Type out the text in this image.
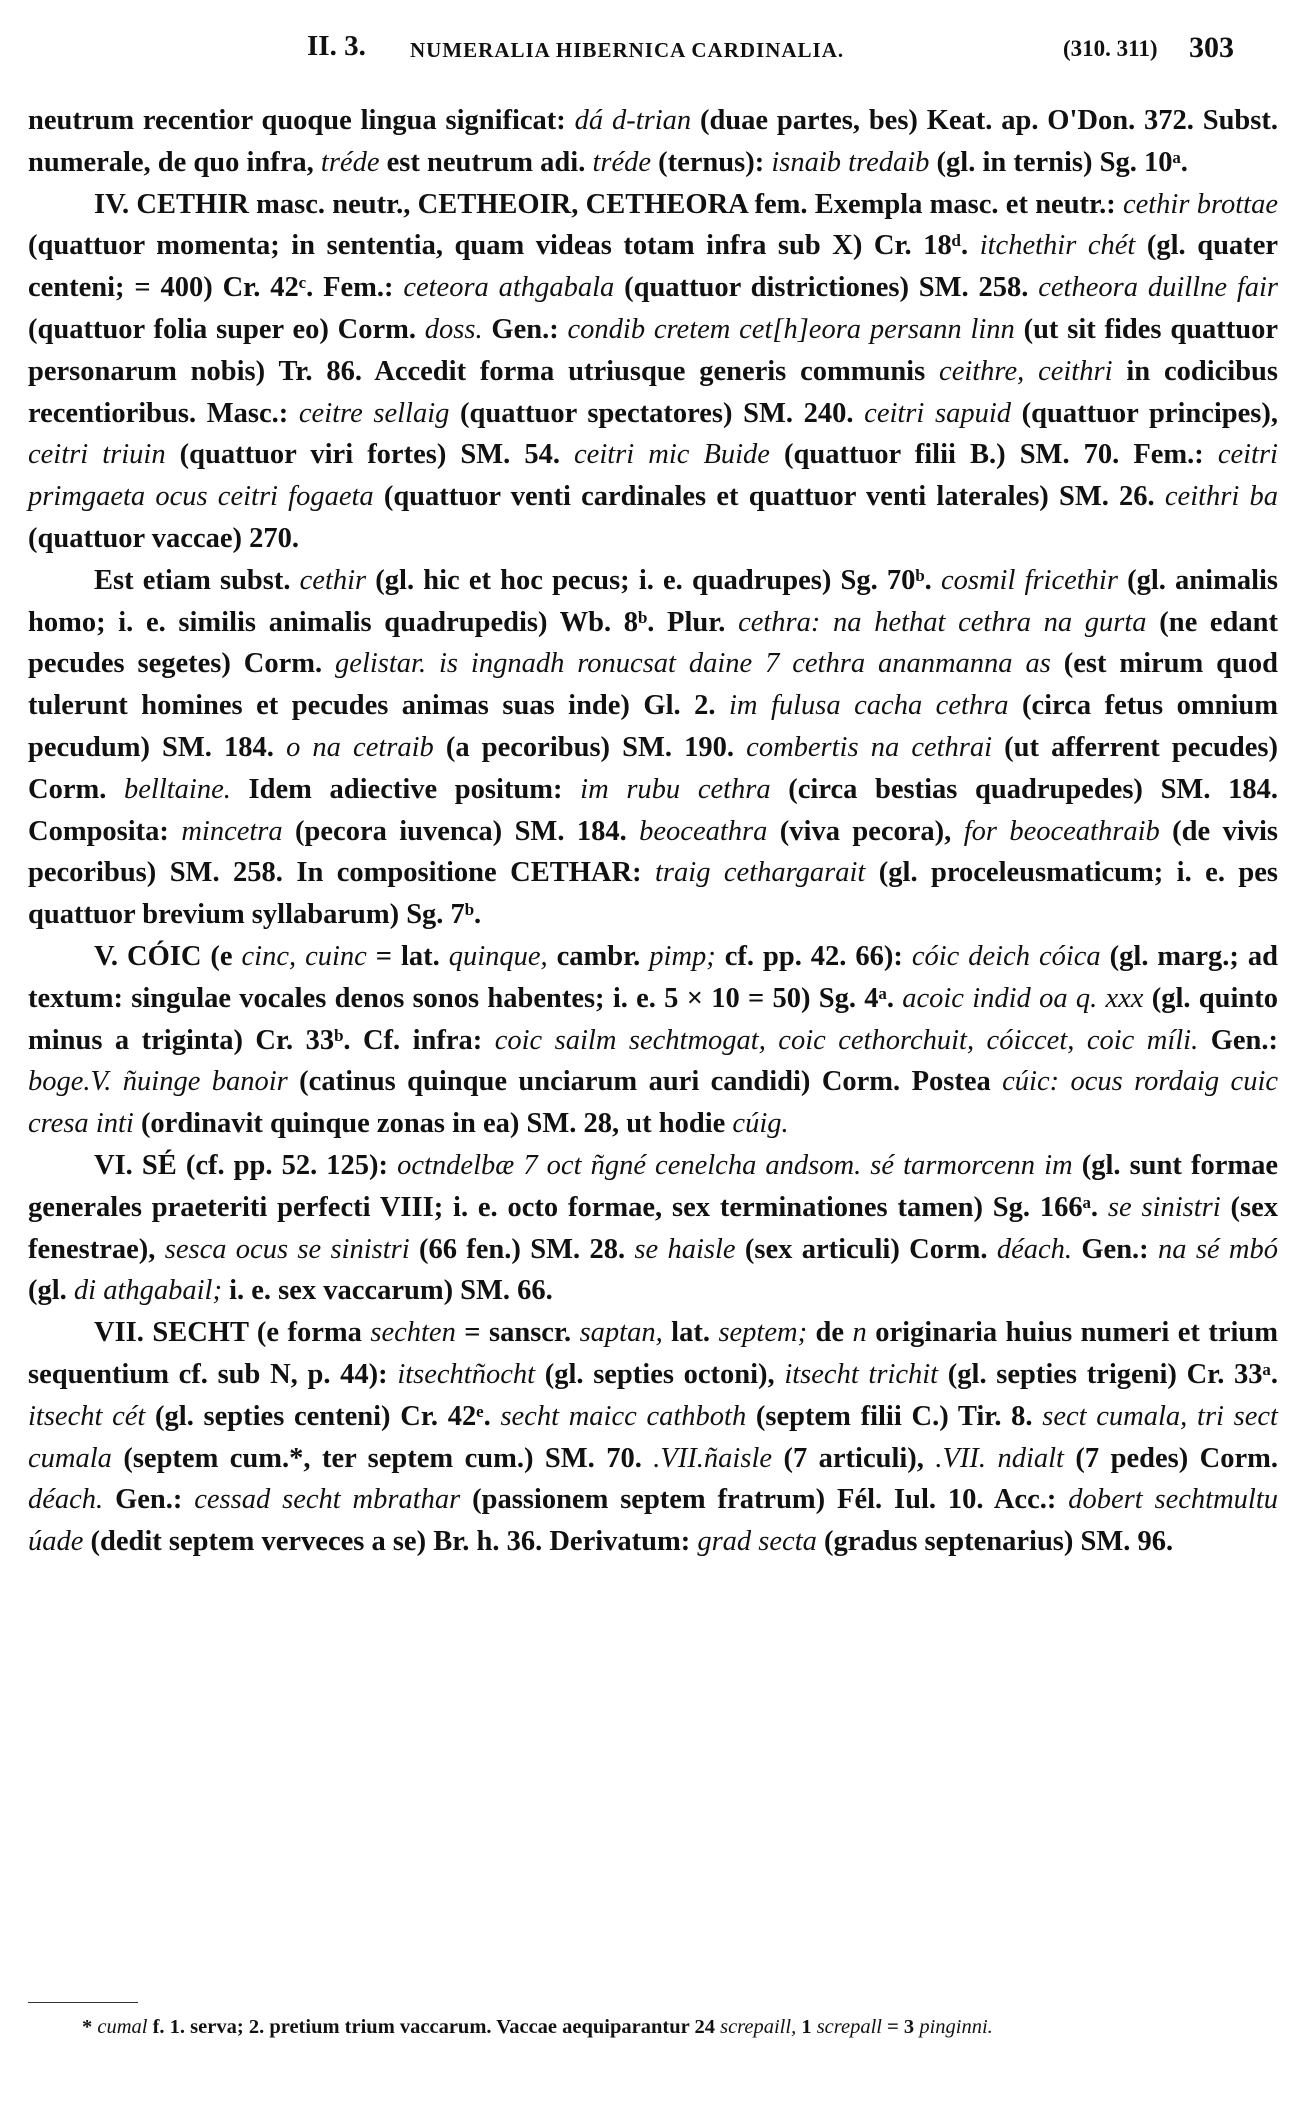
II. 3. NUMERALIA HIBERNICA CARDINALIA.	(310. 311) 303

neutrum recentior quoque lingua significat: dá d-trian (duae partes, bes) Keat. ap. O'Don. 372. Subst. numerale, de quo infra, tréde est neutrum adi. tréde (ternus): isnaib tredaib (gl. in ternis) Sg. 10ᵃ.

IV. CETHIR masc. neutr., CETHEOIR, CETHEORA fem. Exempla masc. et neutr.: cethir brottae (quattuor momenta; in sententia, quam videas totam infra sub X) Cr. 18ᵈ. itchethir chét (gl. quater centeni; = 400) Cr. 42ᶜ. Fem.: ceteora athgabala (quattuor districtiones) SM. 258. cetheora duillne fair (quattuor folia super eo) Corm. doss. Gen.: condib cretem cet[h]eora persann linn (ut sit fides quattuor personarum nobis) Tr. 86. Accedit forma utriusque generis communis ceithre, ceithri in codicibus recentioribus. Masc.: ceitre sellaig (quattuor spectatores) SM. 240. ceitri sapuid (quattuor principes), ceitri triuin (quattuor viri fortes) SM. 54. ceitri mic Buide (quattuor filii B.) SM. 70. Fem.: ceitri primgaeta ocus ceitri fogaeta (quattuor venti cardinales et quattuor venti laterales) SM. 26. ceithri ba (quattuor vaccae) 270.

Est etiam subst. cethir (gl. hic et hoc pecus; i. e. quadrupes) Sg. 70ᵇ. cosmil fricethir (gl. animalis homo; i. e. similis animalis quadrupedis) Wb. 8ᵇ. Plur. cethra: na hethat cethra na gurta (ne edant pecudes segetes) Corm. gelistar. is ingnadh ronucsat daine 7 cethra ananmanna as (est mirum quod tulerunt homines et pecudes animas suas inde) Gl. 2. im fulusa cacha cethra (circa fetus omnium pecudum) SM. 184. o na cetraib (a pecoribus) SM. 190. combertis na cethrai (ut afferrent pecudes) Corm. belltaine. Idem adiective positum: im rubu cethra (circa bestias quadrupedes) SM. 184. Composita: mincetra (pecora iuvenca) SM. 184. beoceathra (viva pecora), for beoceathraib (de vivis pecoribus) SM. 258. In compositione CETHAR: traig cethargarait (gl. proceleusmaticum; i. e. pes quattuor brevium syllabarum) Sg. 7ᵇ.

V. CÓIC (e cinc, cuinc = lat. quinque, cambr. pimp; cf. pp. 42. 66): cóic deich cóica (gl. marg.; ad textum: singulae vocales denos sonos habentes; i. e. 5 × 10 = 50) Sg. 4ᵃ. acoic indid oa q. xxx (gl. quinto minus a triginta) Cr. 33ᵇ. Cf. infra: coic sailm sechtmogat, coic cethorchuit, cóiccet, coic míli. Gen.: boge.V. ñuinge banoir (catinus quinque unciarum auri candidi) Corm. Postea cúic: ocus rordaig cuic cresa inti (ordinavit quinque zonas in ea) SM. 28, ut hodie cúig.

VI. SÉ (cf. pp. 52. 125): octndelbæ 7 oct ñgné cenelcha andsom. sé tarmorcenn im (gl. sunt formae generales praeteriti perfecti VIII; i. e. octo formae, sex terminationes tamen) Sg. 166ᵃ. se sinistri (sex fenestrae), sesca ocus se sinistri (66 fen.) SM. 28. se haisle (sex articuli) Corm. déach. Gen.: na sé mbó (gl. di athgabail; i. e. sex vaccarum) SM. 66.

VII. SECHT (e forma sechten = sanscr. saptan, lat. septem; de n originaria huius numeri et trium sequentium cf. sub N, p. 44): itsechtñocht (gl. septies octoni), itsecht trichit (gl. septies trigeni) Cr. 33ᵃ. itsecht cét (gl. septies centeni) Cr. 42ᵉ. secht maicc cathboth (septem filii C.) Tir. 8. sect cumala, tri sect cumala (septem cum.*, ter septem cum.) SM. 70. .VII.ñaisle (7 articuli), .VII. ndialt (7 pedes) Corm. déach. Gen.: cessad secht mbrathar (passionem septem fratrum) Fél. Iul. 10. Acc.: dobert sechtmultu úade (dedit septem verveces a se) Br. h. 36. Derivatum: grad secta (gradus septenarius) SM. 96.

* cumal f. 1. serva; 2. pretium trium vaccarum. Vaccae aequiparantur 24 screpaill, 1 screpall = 3 pinginni.
